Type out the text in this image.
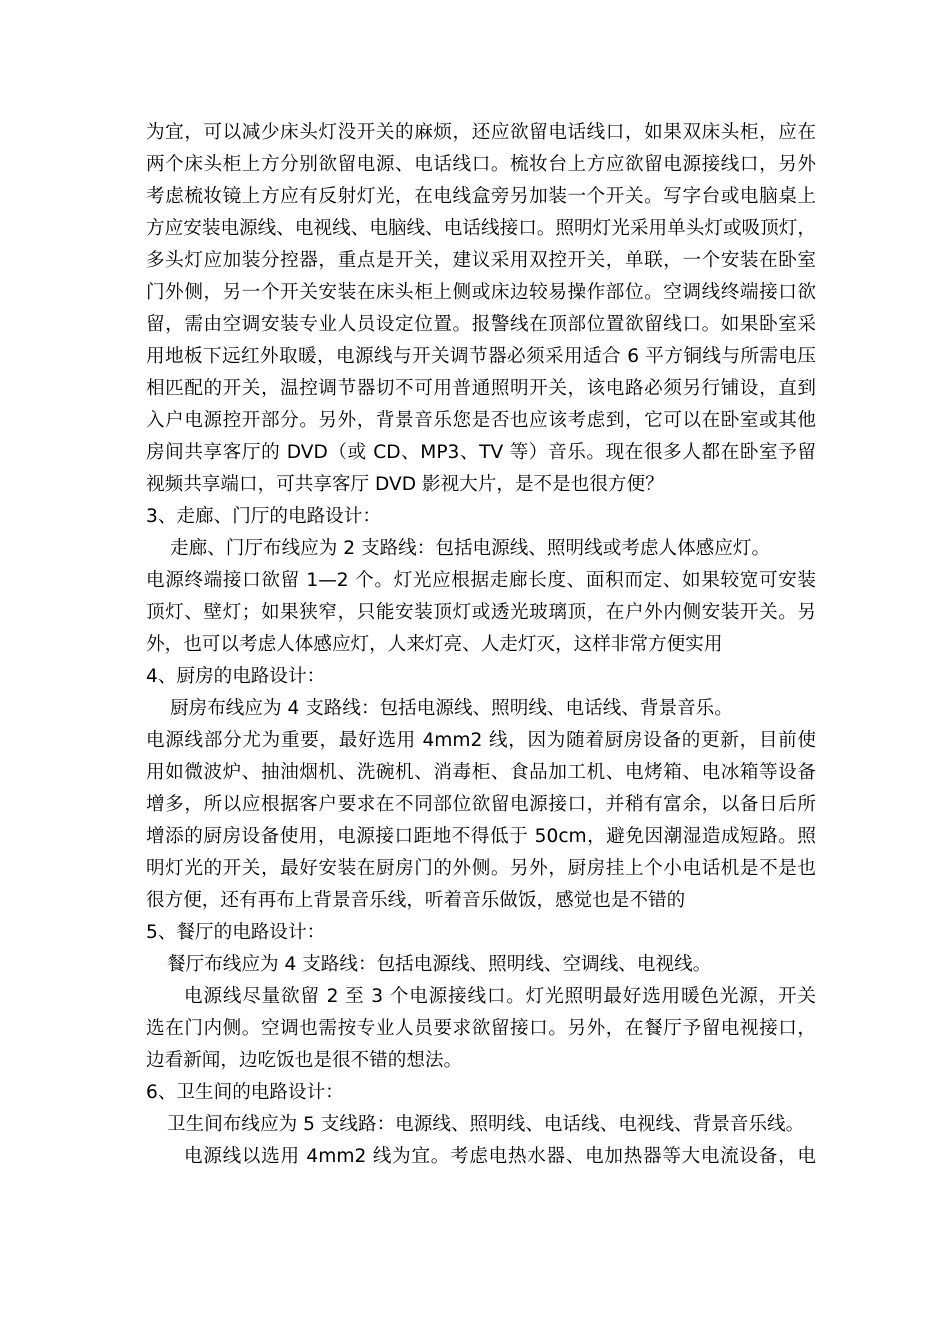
为宜，可以减少床头灯没开关的麻烦，还应欲留电话线口，如果双床头柜，应在
两个床头柜上方分别欲留电源、电话线口。梳妆台上方应欲留电源接线口，另外
考虑梳妆镜上方应有反射灯光，在电线盒旁另加装一个开关。写字台或电脑桌上
方应安装电源线、电视线、电脑线、电话线接口。照明灯光采用单头灯或吸顶灯，
多头灯应加装分控器，重点是开关，建议采用双控开关，单联，一个安装在卧室
门外侧，另一个开关安装在床头柜上侧或床边较易操作部位。空调线终端接口欲
留，需由空调安装专业人员设定位置。报警线在顶部位置欲留线口。如果卧室采
用地板下远红外取暖，电源线与开关调节器必须采用适合 6 平方铜线与所需电压
相匹配的开关，温控调节器切不可用普通照明开关，该电路必须另行铺设，直到
入户电源控开部分。另外，背景音乐您是否也应该考虑到，它可以在卧室或其他
房间共享客厅的 DVD（或 CD、MP3、TV 等）音乐。现在很多人都在卧室予留
视频共享端口，可共享客厅 DVD 影视大片，是不是也很方便？
3、走廊、门厅的电路设计：
走廊、门厅布线应为 2 支路线：包括电源线、照明线或考虑人体感应灯。
电源终端接口欲留 1—2 个。灯光应根据走廊长度、面积而定、如果较宽可安装
顶灯、壁灯；如果狭窄，只能安装顶灯或透光玻璃顶，在户外内侧安装开关。另
外，也可以考虑人体感应灯，人来灯亮、人走灯灭，这样非常方便实用
4、厨房的电路设计：
厨房布线应为 4 支路线：包括电源线、照明线、电话线、背景音乐。
电源线部分尤为重要，最好选用 4mm2 线，因为随着厨房设备的更新，目前使
用如微波炉、抽油烟机、洗碗机、消毒柜、食品加工机、电烤箱、电冰箱等设备
增多，所以应根据客户要求在不同部位欲留电源接口，并稍有富余，以备日后所
增添的厨房设备使用，电源接口距地不得低于 50cm，避免因潮湿造成短路。照
明灯光的开关，最好安装在厨房门的外侧。另外，厨房挂上个小电话机是不是也
很方便，还有再布上背景音乐线，听着音乐做饭，感觉也是不错的
5、餐厅的电路设计：
餐厅布线应为 4 支路线：包括电源线、照明线、空调线、电视线。
电源线尽量欲留 2 至 3 个电源接线口。灯光照明最好选用暖色光源，开关
选在门内侧。空调也需按专业人员要求欲留接口。另外，在餐厅予留电视接口，
边看新闻，边吃饭也是很不错的想法。
6、卫生间的电路设计：
卫生间布线应为 5 支线路：电源线、照明线、电话线、电视线、背景音乐线。
电源线以选用 4mm2 线为宜。考虑电热水器、电加热器等大电流设备，电
